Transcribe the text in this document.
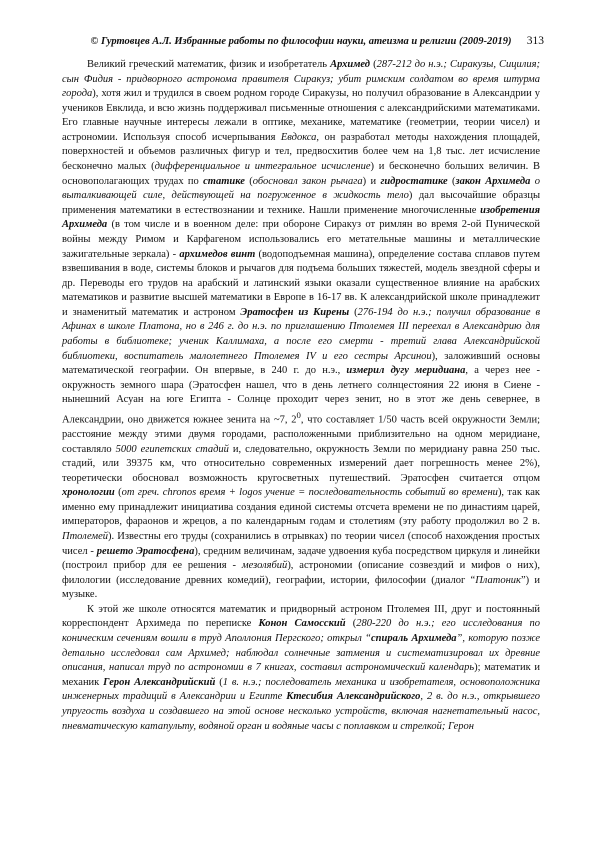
© Гуртовцев А.Л. Избранные работы по философии науки, атеизма и религии (2009-2019) 313

Великий греческий математик, физик и изобретатель Архимед (287-212 до н.э.; Сиракузы, Сицилия; сын Фидия - придворного астронома правителя Сиракуз; убит римским солдатом во время штурма города), хотя жил и трудился в своем родном городе Сиракузы, но получил образование в Александрии у учеников Евклида, и всю жизнь поддерживал письменные отношения с александрийскими математиками. Его главные научные интересы лежали в оптике, механике, математике (геометрии, теории чисел) и астрономии. Используя способ исчерпывания Евдокса, он разработал методы нахождения площадей, поверхностей и объемов различных фигур и тел, предвосхитив более чем на 1,8 тыс. лет исчисление бесконечно малых (дифференциальное и интегральное исчисление) и бесконечно больших величин. В основополагающих трудах по статике (обосновал закон рычага) и гидростатике (закон Архимеда о выталкивающей силе, действующей на погруженное в жидкость тело) дал высочайшие образцы применения математики в естествознании и технике. Нашли применение многочисленные изобретения Архимеда (в том числе и в военном деле: при обороне Сиракуз от римлян во время 2-ой Пунической войны между Римом и Карфагеном использовались его метательные машины и металлические зажигательные зеркала) - архимедов винт (водоподъемная машина), определение состава сплавов путем взвешивания в воде, системы блоков и рычагов для подъема больших тяжестей, модель звездной сферы и др. Переводы его трудов на арабский и латинский языки оказали существенное влияние на арабских математиков и развитие высшей математики в Европе в 16-17 вв. К александрийской школе принадлежит и знаменитый математик и астроном Эратосфен из Кирены (276-194 до н.э.; получил образование в Афинах в школе Платона, но в 246 г. до н.э. по приглашению Птолемея III переехал в Александрию для работы в библиотеке; ученик Каллимаха, а после его смерти - третий глава Александрийской библиотеки, воспитатель малолетнего Птолемея IV и его сестры Арсинои), заложивший основы математической географии. Он впервые, в 240 г. до н.э., измерил дугу меридиана, а через нее - окружность земного шара (Эратосфен нашел, что в день летнего солнцестояния 22 июня в Сиене - нынешний Асуан на юге Египта - Солнце проходит через зенит, но в этот же день севернее, в Александрии, оно движется южнее зенита на ~7, $2^0$, что составляет 1/50 часть всей окружности Земли; расстояние между этими двумя городами, расположенными приблизительно на одном меридиане, составляло 5000 египетских стадий и, следовательно, окружность Земли по меридиану равна 250 тыс. стадий, или 39375 км, что относительно современных измерений дает погрешность менее 2%), теоретически обосновал возможность кругосветных путешествий. Эратосфен считается отцом хронологии (от греч. chronos время + logos учение = последовательность событий во времени), так как именно ему принадлежит инициатива создания единой системы отсчета времени не по династиям царей, императоров, фараонов и жрецов, а по календарным годам и столетиям (эту работу продолжил во 2 в. Птолемей). Известны его труды (сохранились в отрывках) по теории чисел (способ нахождения простых чисел - решето Эратосфена), средним величинам, задаче удвоения куба посредством циркуля и линейки (построил прибор для ее решения - мезолябий), астрономии (описание созвездий и мифов о них), филологии (исследование древних комедий), географии, истории, философии (диалог “Платоник”) и музыке.

К этой же школе относятся математик и придворный астроном Птолемея III, друг и постоянный корреспондент Архимеда по переписке Конон Самосский (280-220 до н.э.; его исследования по коническим сечениям вошли в труд Аполлония Пергского; открыл “спираль Архимеда”, которую позже детально исследовал сам Архимед; наблюдал солнечные затмения и систематизировал их древние описания, написал труд по астрономии в 7 книгах, составил астрономический календарь); математик и механик Герон Александрийский (1 в. н.э.; последователь механика и изобретателя, основоположника инженерных традиций в Александрии и Египте Ктесибия Александрийского, 2 в. до н.э., открывшего упругость воздуха и создавшего на этой основе несколько устройств, включая нагнетательный насос, пневматическую катапульту, водяной орган и водяные часы с поплавком и стрелкой; Герон
